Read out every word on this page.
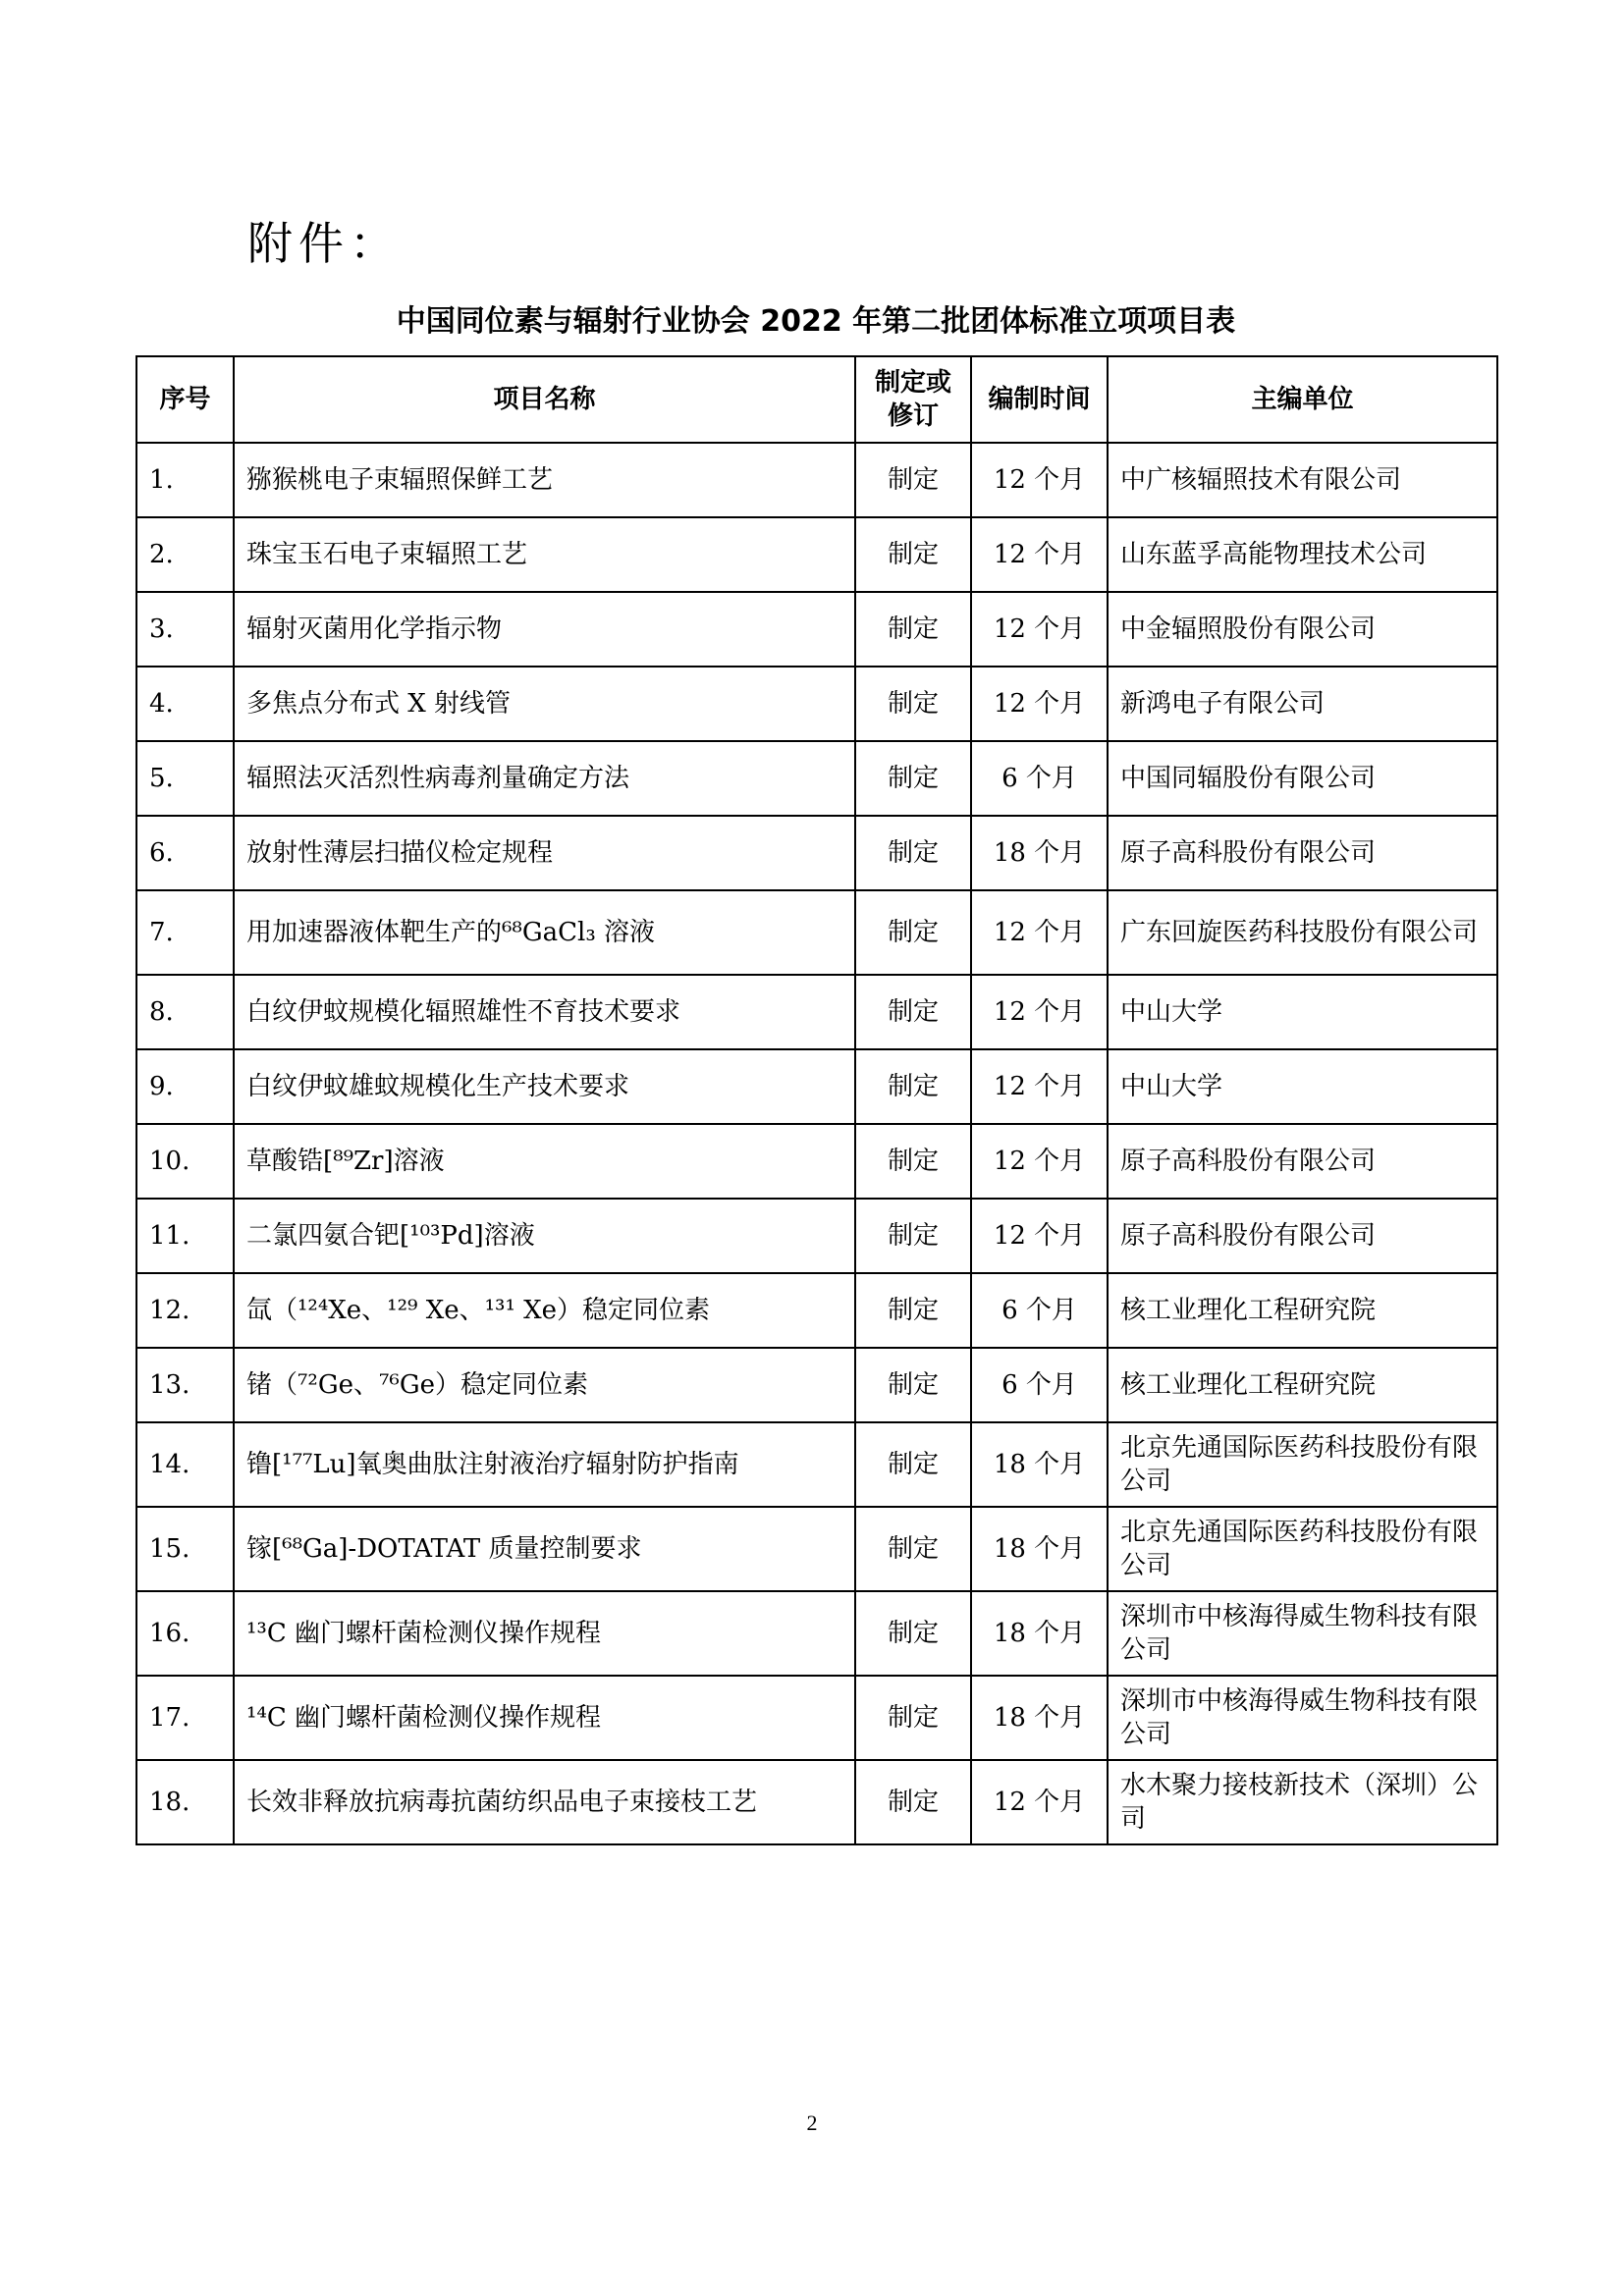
附件：
中国同位素与辐射行业协会 2022 年第二批团体标准立项项目表
序号	项目名称	制定或修订	编制时间	主编单位
1.	猕猴桃电子束辐照保鲜工艺	制定	12 个月	中广核辐照技术有限公司
2.	珠宝玉石电子束辐照工艺	制定	12 个月	山东蓝孚高能物理技术公司
3.	辐射灭菌用化学指示物	制定	12 个月	中金辐照股份有限公司
4.	多焦点分布式 X 射线管	制定	12 个月	新鸿电子有限公司
5.	辐照法灭活烈性病毒剂量确定方法	制定	6 个月	中国同辐股份有限公司
6.	放射性薄层扫描仪检定规程	制定	18 个月	原子高科股份有限公司
7.	用加速器液体靶生产的⁶⁸GaCl₃ 溶液	制定	12 个月	广东回旋医药科技股份有限公司
8.	白纹伊蚊规模化辐照雄性不育技术要求	制定	12 个月	中山大学
9.	白纹伊蚊雄蚊规模化生产技术要求	制定	12 个月	中山大学
10.	草酸锆[⁸⁹Zr]溶液	制定	12 个月	原子高科股份有限公司
11.	二氯四氨合钯[¹⁰³Pd]溶液	制定	12 个月	原子高科股份有限公司
12.	氙（¹²⁴Xe、¹²⁹ Xe、¹³¹ Xe）稳定同位素	制定	6 个月	核工业理化工程研究院
13.	锗（⁷²Ge、⁷⁶Ge）稳定同位素	制定	6 个月	核工业理化工程研究院
14.	镥[¹⁷⁷Lu]氧奥曲肽注射液治疗辐射防护指南	制定	18 个月	北京先通国际医药科技股份有限公司
15.	镓[⁶⁸Ga]-DOTATAT 质量控制要求	制定	18 个月	北京先通国际医药科技股份有限公司
16.	¹³C 幽门螺杆菌检测仪操作规程	制定	18 个月	深圳市中核海得威生物科技有限公司
17.	¹⁴C 幽门螺杆菌检测仪操作规程	制定	18 个月	深圳市中核海得威生物科技有限公司
18.	长效非释放抗病毒抗菌纺织品电子束接枝工艺	制定	12 个月	水木聚力接枝新技术（深圳）公司
2
